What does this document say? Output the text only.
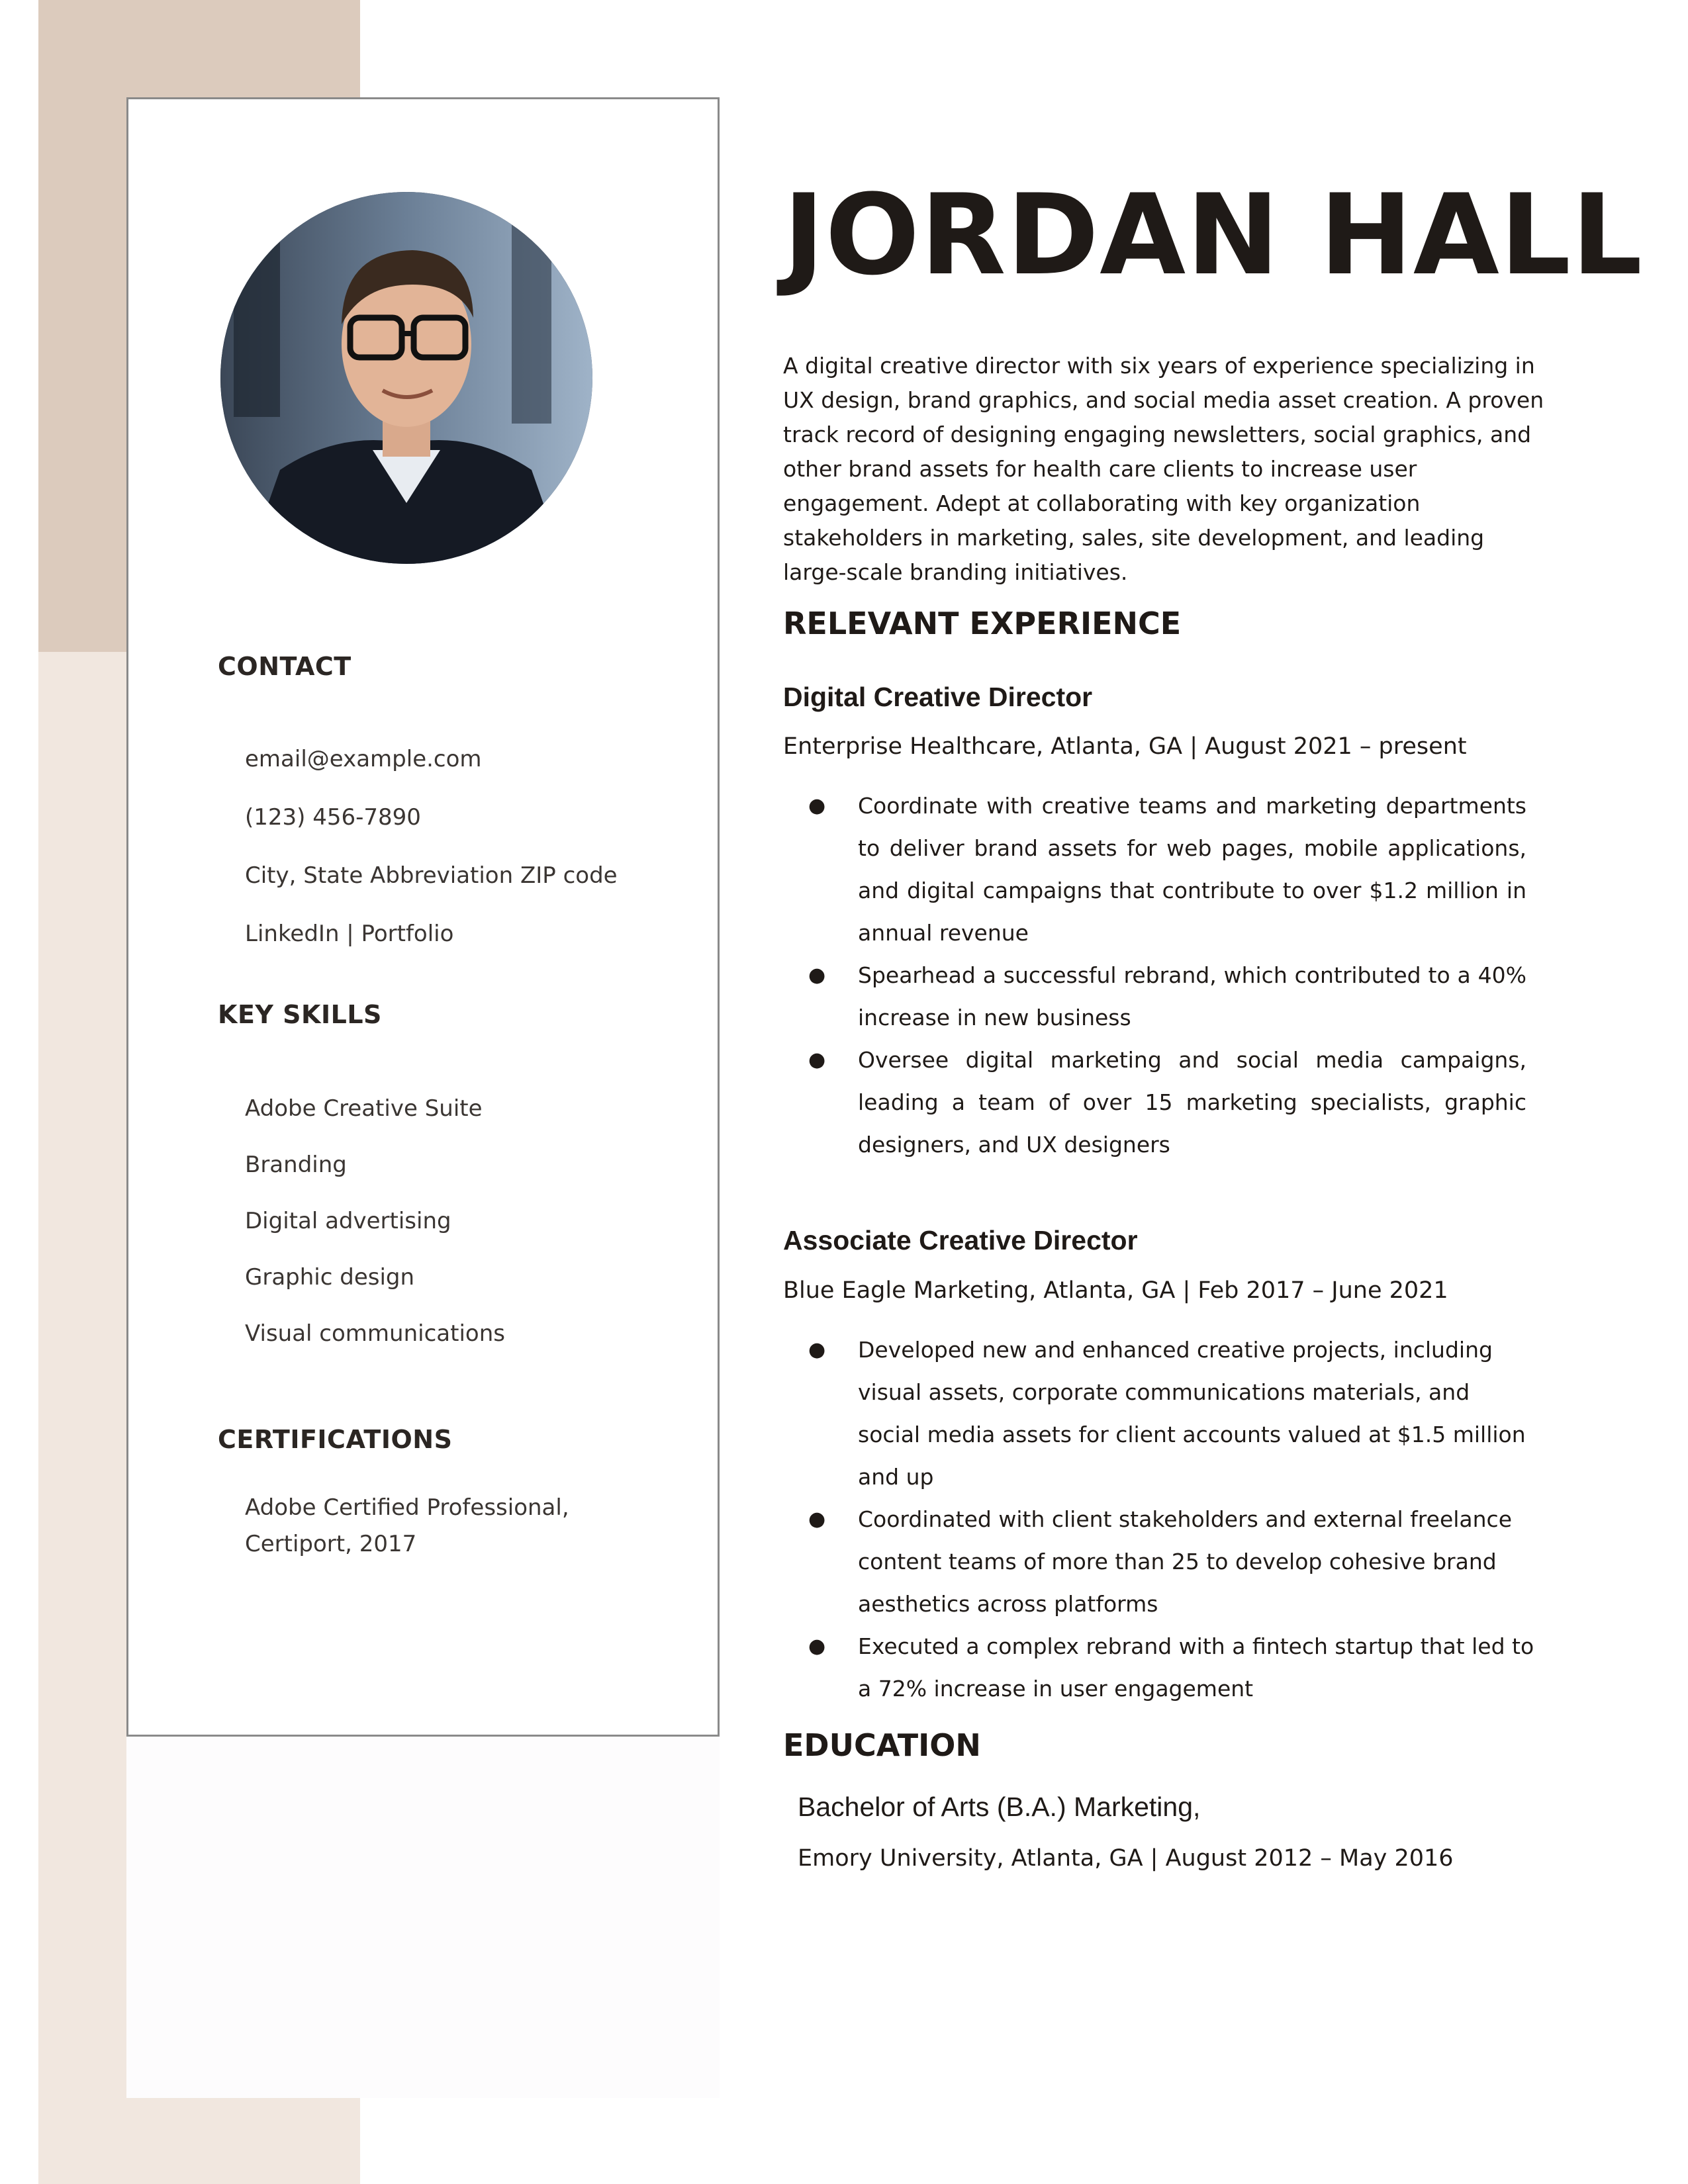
CONTACT
email@example.com
(123) 456-7890
City, State Abbreviation ZIP code
LinkedIn | Portfolio
KEY SKILLS
Adobe Creative Suite
Branding
Digital advertising
Graphic design
Visual communications
CERTIFICATIONS

Adobe Certified Professional, Certiport, 2017

JORDAN HALL

A digital creative director with six years of experience specializing in UX design, brand graphics, and social media asset creation. A proven track record of designing engaging newsletters, social graphics, and other brand assets for health care clients to increase user engagement. Adept at collaborating with key organization stakeholders in marketing, sales, site development, and leading large-scale branding initiatives.

RELEVANT EXPERIENCE
Digital Creative Director

Enterprise Healthcare, Atlanta, GA | August 2021 – present

● Coordinate with creative teams and marketing departments to deliver brand assets for web pages, mobile applications, and digital campaigns that contribute to over $1.2 million in annual revenue
● Spearhead a successful rebrand, which contributed to a 40% increase in new business
● Oversee digital marketing and social media campaigns, leading a team of over 15 marketing specialists, graphic designers, and UX designers
Associate Creative Director

Blue Eagle Marketing, Atlanta, GA | Feb 2017 – June 2021

● Developed new and enhanced creative projects, including visual assets, corporate communications materials, and social media assets for client accounts valued at $1.5 million and up
● Coordinated with client stakeholders and external freelance content teams of more than 25 to develop cohesive brand aesthetics across platforms
● Executed a complex rebrand with a fintech startup that led to a 72% increase in user engagement
EDUCATION

Bachelor of Arts (B.A.) Marketing,

Emory University, Atlanta, GA | August 2012 – May 2016
